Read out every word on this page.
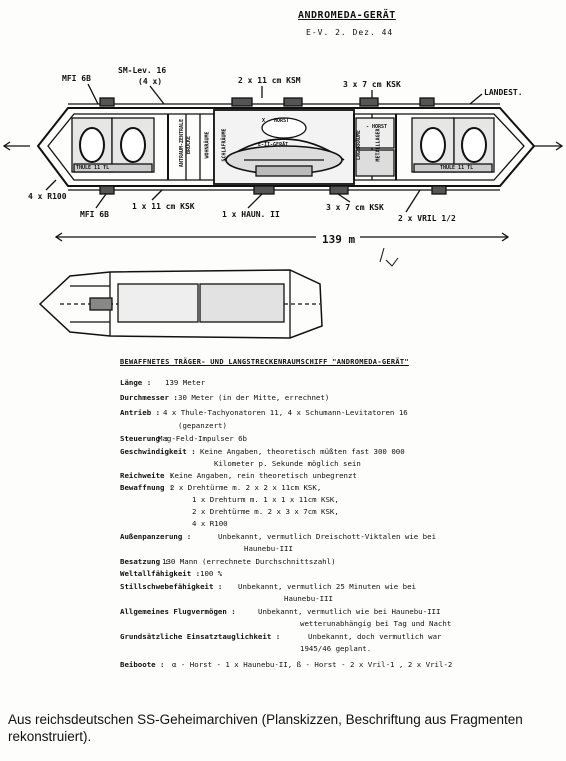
ANDROMEDA-GERÄT
E-V. 2. Dez. 44
SM-Lev. 16
(4 x)
MFI 6B	2 x 11 cm KSM	3 x 7 cm KSK
LANDEST.
4 x R100
MFI 6B
1 x 11 cm KSK
1 x HAUN. II
3 x 7 cm KSK
2 x VRIL 1/2
139 m
ANTRAUM-ZENTRALE BRÜCKE	WOHNRÄUME SCHLAFRÄUME	LAGERRÄUME	METALLLAGER
X - HORST
E-II-GERÄT
- HORST
THULE 11 TL	THULE 11 TL
BEWAFFNETES TRÄGER- UND LANGSTRECKENRAUMSCHIFF "ANDROMEDA-GERÄT"
Länge : 139 Meter
Durchmesser : 30 Meter (in der Mitte, errechnet)
Antrieb : 4 x Thule-Tachyonatoren 11, 4 x Schumann-Levitatoren 16
(gepanzert)
Steuerung :
Mag-Feld-Impulser 6b
Geschwindigkeit : Keine Angaben, theoretisch müßten fast 300 000
Kilometer p. Sekunde möglich sein
Reichweite :
Keine Angaben, rein theoretisch unbegrenzt
Bewaffnung :
2 x Drehtürme m. 2 x 2 x 11cm KSK,
1 x Drehturm m. 1 x 1 x 11cm KSK,
2 x Drehtürme m. 2 x 3 x 7cm KSK,
4 x R100
Außenpanzerung :	Unbekannt, vermutlich Dreischott-Viktalen wie bei
Haunebu-III
Besatzung :
130 Mann (errechnete Durchschnittszahl)
Weltallfähigkeit : 100 %
Stillschwebefähigkeit : Unbekannt, vermutlich 25 Minuten wie bei
Haunebu-III
Allgemeines Flugvermögen :	Unbekannt, vermutlich wie bei Haunebu-III
wetterunabhängig bei Tag und Nacht
Grundsätzliche Einsatztauglichkeit :	Unbekannt, doch vermutlich war
1945/46 geplant.
Beiboote : α - Horst - 1 x Haunebu-II, ß - Horst - 2 x Vril-1 , 2 x Vril-2
Aus reichsdeutschen SS-Geheimarchiven (Planskizzen, Beschriftung aus Fragmenten rekonstruiert).
